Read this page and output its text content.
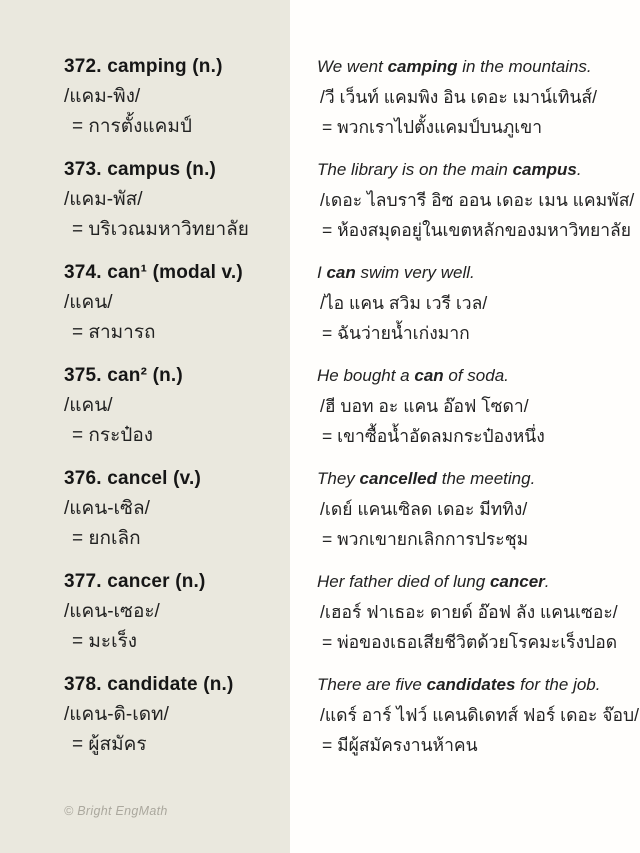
372. camping (n.)
/แคม-พิง/
= การตั้งแคมป์
We went camping in the mountains.
/วี เว็นท์ แคมพิง อิน เดอะ เมาน์เทินส์/
= พวกเราไปตั้งแคมป์บนภูเขา
373. campus (n.)
/แคม-พัส/
= บริเวณมหาวิทยาลัย
The library is on the main campus.
/เดอะ ไลบรารี อิซ ออน เดอะ เมน แคมพัส/
= ห้องสมุดอยู่ในเขตหลักของมหาวิทยาลัย
374. can¹ (modal v.)
/แคน/
= สามารถ
I can swim very well.
/ไอ แคน สวิม เวรี เวล/
= ฉันว่ายน้ำเก่งมาก
375. can² (n.)
/แคน/
= กระป๋อง
He bought a can of soda.
/ฮี บอท อะ แคน อ๊อฟ โซดา/
= เขาซื้อน้ำอัดลมกระป๋องหนึ่ง
376. cancel (v.)
/แคน-เซิล/
= ยกเลิก
They cancelled the meeting.
/เดย์ แคนเซิลด เดอะ มีททิง/
= พวกเขายกเลิกการประชุม
377. cancer (n.)
/แคน-เซอะ/
= มะเร็ง
Her father died of lung cancer.
/เฮอร์ ฟาเธอะ ดายด์ อ๊อฟ ลัง แคนเซอะ/
= พ่อของเธอเสียชีวิตด้วยโรคมะเร็งปอด
378. candidate (n.)
/แคน-ดิ-เดท/
= ผู้สมัคร
There are five candidates for the job.
/แดร์ อาร์ ไฟว์ แคนดิเดทส์ ฟอร์ เดอะ จ๊อบ/
= มีผู้สมัครงานห้าคน
© Bright EngMath
